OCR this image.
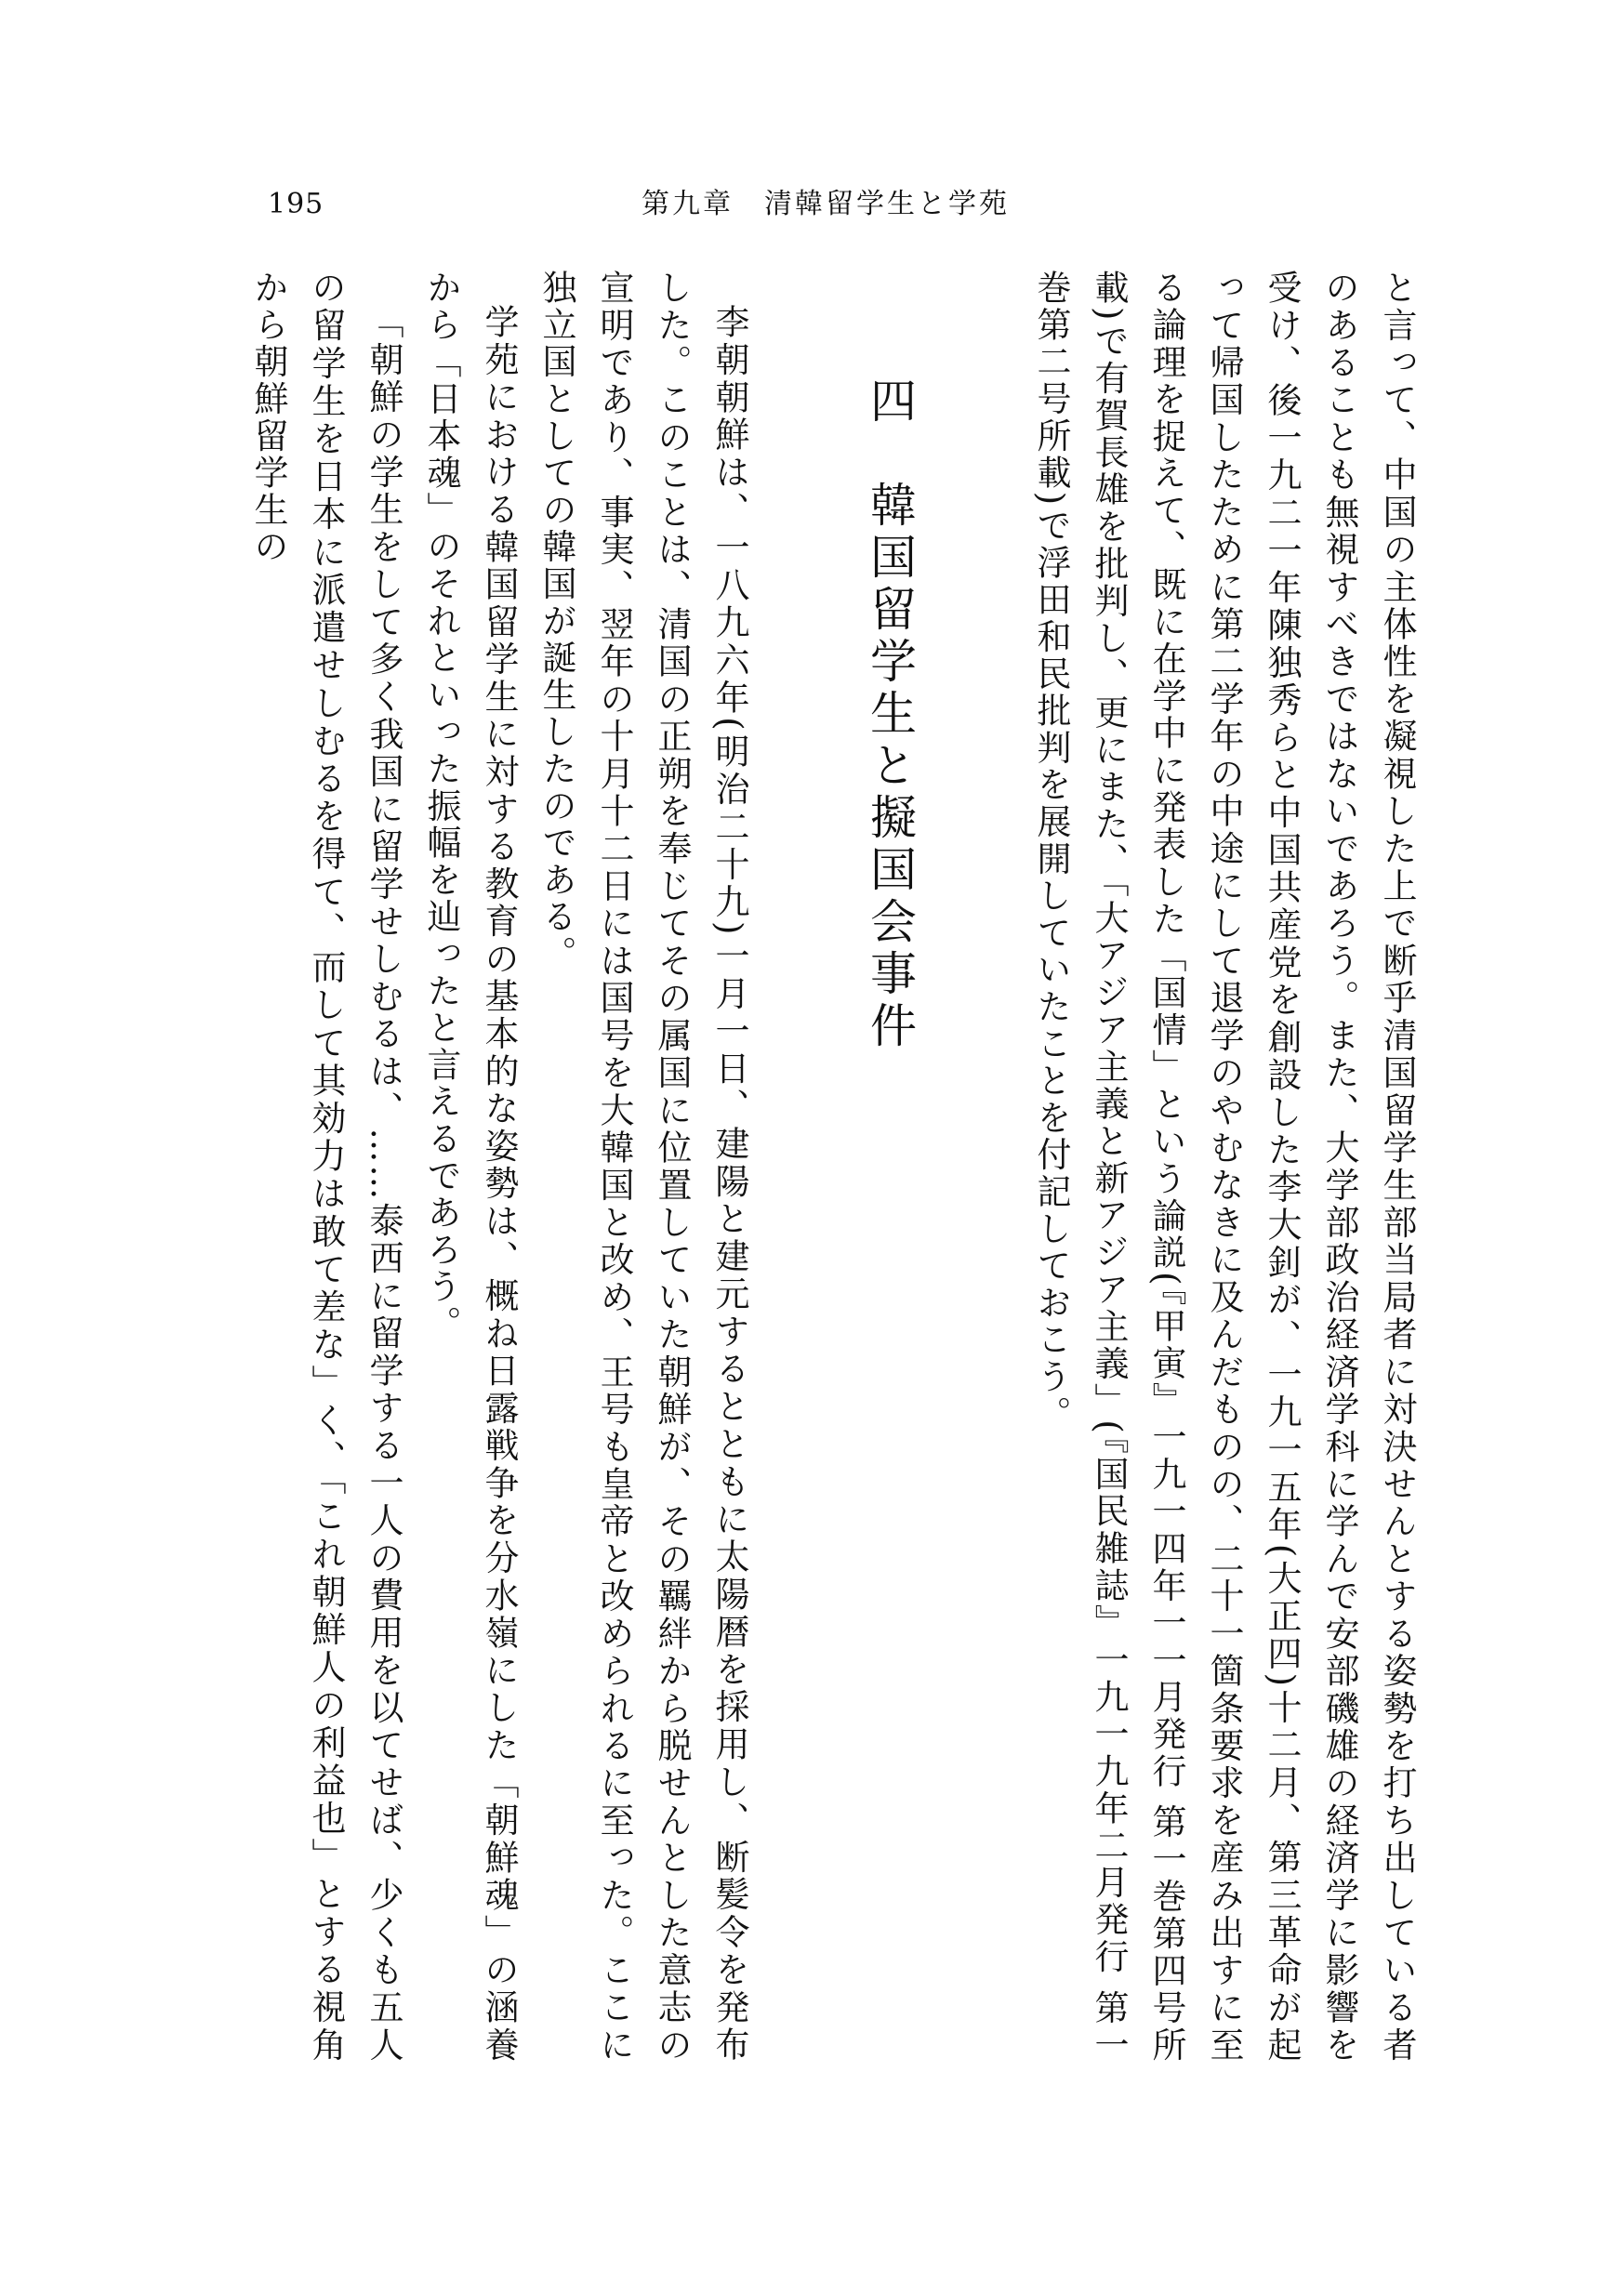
195	第九章　清韓留学生と学苑

と言って、中国の主体性を凝視した上で断乎清国留学生部当局者に対決せんとする姿勢を打ち出している者のあることも無視すべきではないであろう。また、大学部政治経済学科に学んで安部磯雄の経済学に影響を受け、後一九二一年陳独秀らと中国共産党を創設した李大釗が、一九一五年(大正四)十二月、第三革命が起って帰国したために第二学年の中途にして退学のやむなきに及んだものの、二十一箇条要求を産み出すに至る論理を捉えて、既に在学中に発表した「国情」という論説(『甲寅』一九一四年一一月発行 第一巻第四号所載)で有賀長雄を批判し、更にまた、「大アジア主義と新アジア主義」(『国民雑誌』一九一九年二月発行 第一巻第二号所載)で浮田和民批判を展開していたことを付記しておこう。

四　韓国留学生と擬国会事件

李朝朝鮮は、一八九六年(明治二十九)一月一日、建陽と建元するとともに太陽暦を採用し、断髪令を発布した。このことは、清国の正朔を奉じてその属国に位置していた朝鮮が、その羈絆から脱せんとした意志の宣明であり、事実、翌年の十月十二日には国号を大韓国と改め、王号も皇帝と改められるに至った。ここに独立国としての韓国が誕生したのである。

学苑における韓国留学生に対する教育の基本的な姿勢は、概ね日露戦争を分水嶺にした「朝鮮魂」の涵養から「日本魂」のそれといった振幅を辿ったと言えるであろう。

「朝鮮の学生をして多く我国に留学せしむるは、……泰西に留学する一人の費用を以てせば、少くも五人の留学生を日本に派遣せしむるを得て、而して其効力は敢て差な」く、「これ朝鮮人の利益也」とする視角から朝鮮留学生の
